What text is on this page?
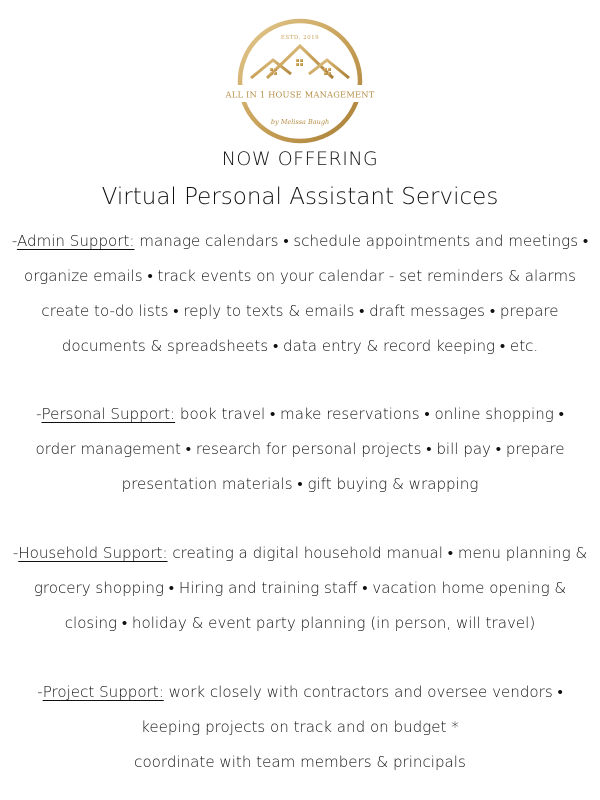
ESTD. 2019
ALL IN 1 HOUSE MANAGEMENT
by Melissa Baugh
NOW OFFERING
Virtual Personal Assistant Services
-Admin Support: manage calendars • schedule appointments and meetings •
organize emails • track events on your calendar - set reminders & alarms
create to-do lists • reply to texts & emails • draft messages • prepare
documents & spreadsheets • data entry & record keeping • etc.
-Personal Support: book travel • make reservations • online shopping •
order management • research for personal projects • bill pay • prepare
presentation materials • gift buying & wrapping
-Household Support: creating a digital household manual • menu planning &
grocery shopping • Hiring and training staff • vacation home opening &
closing • holiday & event party planning (in person, will travel)
-Project Support: work closely with contractors and oversee vendors •
keeping projects on track and on budget *
coordinate with team members & principals
